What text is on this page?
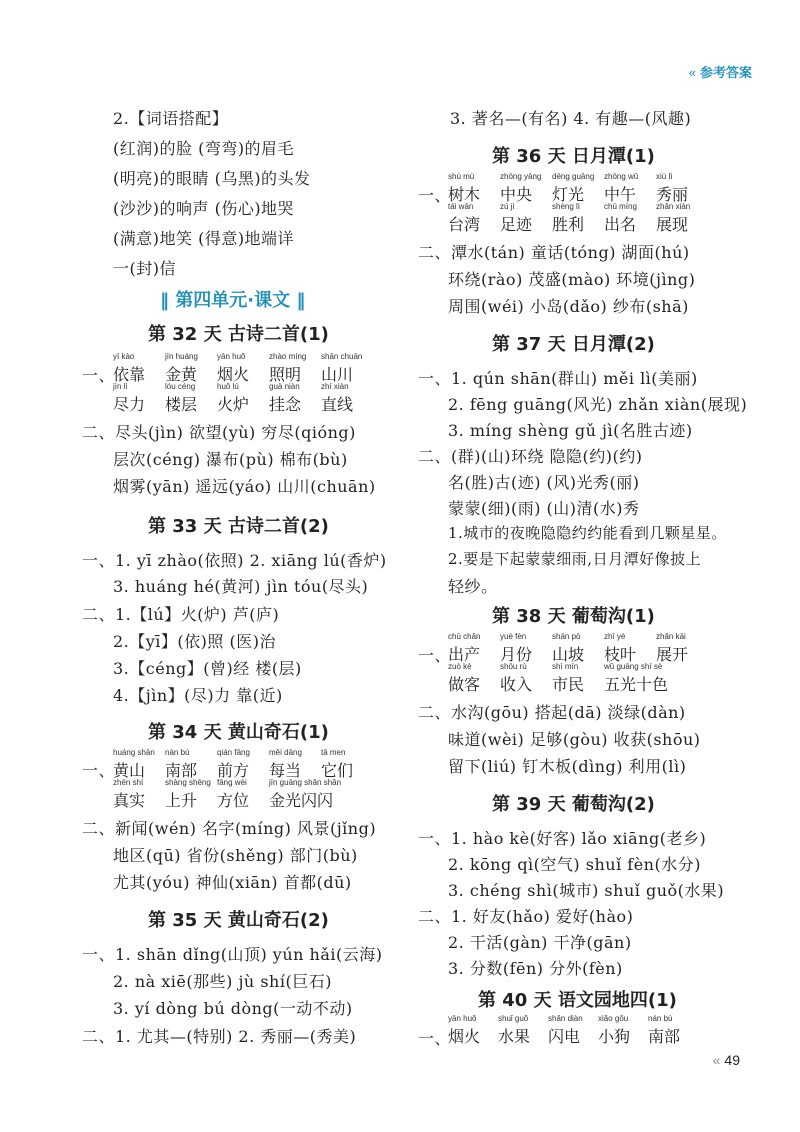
« 参考答案
2.【词语搭配】
(红润)的脸 (弯弯)的眉毛
(明亮)的眼睛 (乌黑)的头发
(沙沙)的响声 (伤心)地哭
(满意)地笑 (得意)地端详
一(封)信
‖ 第四单元·课文 ‖
第 32 天 古诗二首(1)
一、
yī kào
依靠
jīn huáng
金黄
yān huǒ
烟火
zhào míng
照明
shān chuān
山川
jìn lì
尽力
lóu céng
楼层
huǒ lú
火炉
guà niàn
挂念
zhí xiàn
直线
二、尽头(jìn) 欲望(yù) 穷尽(qióng)
层次(céng) 瀑布(pù) 棉布(bù)
烟雾(yān) 遥远(yáo) 山川(chuān)
第 33 天 古诗二首(2)
一、1. yī zhào(依照) 2. xiāng lú(香炉)
3. huáng hé(黄河) jìn tóu(尽头)
二、1.【lú】火(炉) 芦(庐)
2.【yī】(依)照 (医)治
3.【céng】(曾)经 楼(层)
4.【jìn】(尽)力 靠(近)
第 34 天 黄山奇石(1)
一、
huáng shān
黄山
nán bù
南部
qián fāng
前方
měi dāng
每当
tā men
它们
zhēn shí
真实
shàng shēng
上升
fāng wèi
方位
jīn guāng shǎn shǎn
金光闪闪
二、新闻(wén) 名字(míng) 风景(jǐng)
地区(qū) 省份(shěng) 部门(bù)
尤其(yóu) 神仙(xiān) 首都(dū)
第 35 天 黄山奇石(2)
一、1. shān dǐng(山顶) yún hǎi(云海)
2. nà xiē(那些) jù shí(巨石)
3. yí dòng bú dòng(一动不动)
二、1. 尤其—(特别) 2. 秀丽—(秀美)
3. 著名—(有名) 4. 有趣—(风趣)
第 36 天 日月潭(1)
一、
shù mù
树木
zhōng yāng
中央
dēng guāng
灯光
zhōng wǔ
中午
xiù lì
秀丽
tái wān
台湾
zú jì
足迹
shèng lì
胜利
chū míng
出名
zhǎn xiàn
展现
二、潭水(tán) 童话(tóng) 湖面(hú)
环绕(rào) 茂盛(mào) 环境(jìng)
周围(wéi) 小岛(dǎo) 纱布(shā)
第 37 天 日月潭(2)
一、1. qún shān(群山) měi lì(美丽)
2. fēng guāng(风光) zhǎn xiàn(展现)
3. míng shèng gǔ jì(名胜古迹)
二、(群)(山)环绕 隐隐(约)(约)
名(胜)古(迹) (风)光秀(丽)
蒙蒙(细)(雨) (山)清(水)秀
1.城市的夜晚隐隐约约能看到几颗星星。
2.要是下起蒙蒙细雨,日月潭好像披上
轻纱。
第 38 天 葡萄沟(1)
一、
chū chǎn
出产
yuè fèn
月份
shān pō
山坡
zhī yè
枝叶
zhǎn kāi
展开
zuò kè
做客
shōu rù
收入
shì mín
市民
wǔ guāng shí sè
五光十色
二、水沟(gōu) 搭起(dā) 淡绿(dàn)
味道(wèi) 足够(gòu) 收获(shōu)
留下(liú) 钉木板(dìng) 利用(lì)
第 39 天 葡萄沟(2)
一、1. hào kè(好客) lǎo xiāng(老乡)
2. kōng qì(空气) shuǐ fèn(水分)
3. chéng shì(城市) shuǐ guǒ(水果)
二、1. 好友(hǎo) 爱好(hào)
2. 干活(gàn) 干净(gān)
3. 分数(fēn) 分外(fèn)
第 40 天 语文园地四(1)
一、
yān huǒ
烟火
shuǐ guǒ
水果
shǎn diàn
闪电
xiǎo gǒu
小狗
nán bù
南部
« 49
